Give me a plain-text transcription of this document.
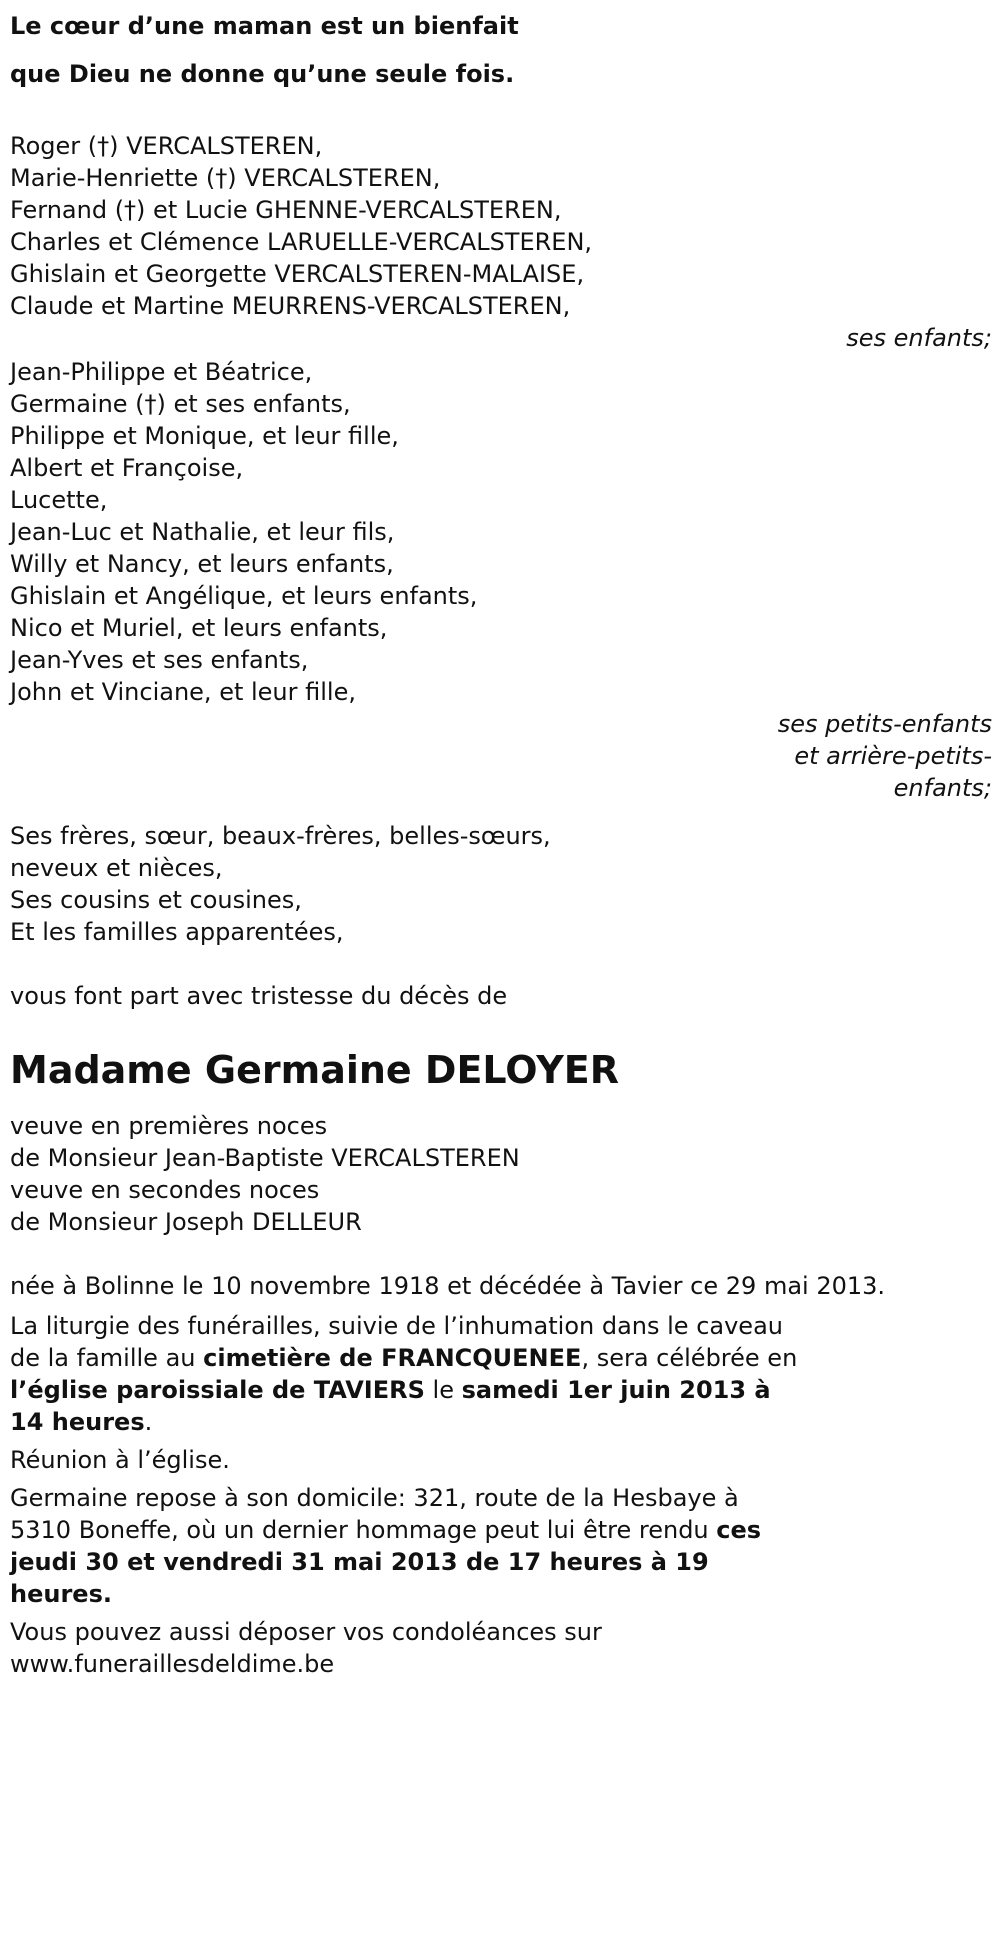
Le cœur d’une maman est un bienfait
que Dieu ne donne qu’une seule fois.
Roger (†) VERCALSTEREN,
Marie-Henriette (†) VERCALSTEREN,
Fernand (†) et Lucie GHENNE-VERCALSTEREN,
Charles et Clémence LARUELLE-VERCALSTEREN,
Ghislain et Georgette VERCALSTEREN-MALAISE,
Claude et Martine MEURRENS-VERCALSTEREN,
ses enfants;
Jean-Philippe et Béatrice,
Germaine (†) et ses enfants,
Philippe et Monique, et leur fille,
Albert et Françoise,
Lucette,
Jean-Luc et Nathalie, et leur fils,
Willy et Nancy, et leurs enfants,
Ghislain et Angélique, et leurs enfants,
Nico et Muriel, et leurs enfants,
Jean-Yves et ses enfants,
John et Vinciane, et leur fille,
ses petits-enfants
et arrière-petits-
enfants;
Ses frères, sœur, beaux-frères, belles-sœurs,
neveux et nièces,
Ses cousins et cousines,
Et les familles apparentées,
vous font part avec tristesse du décès de
Madame Germaine DELOYER
veuve en premières noces
de Monsieur Jean-Baptiste VERCALSTEREN
veuve en secondes noces
de Monsieur Joseph DELLEUR
née à Bolinne le 10 novembre 1918 et décédée à Tavier ce 29 mai 2013.
La liturgie des funérailles, suivie de l’inhumation dans le caveau de la famille au cimetière de FRANCQUENEE, sera célébrée en l’église paroissiale de TAVIERS le samedi 1er juin 2013 à 14 heures.
Réunion à l’église.
Germaine repose à son domicile: 321, route de la Hesbaye à 5310 Boneffe, où un dernier hommage peut lui être rendu ces jeudi 30 et vendredi 31 mai 2013 de 17 heures à 19 heures.
Vous pouvez aussi déposer vos condoléances sur
www.funeraillesdeldime.be
